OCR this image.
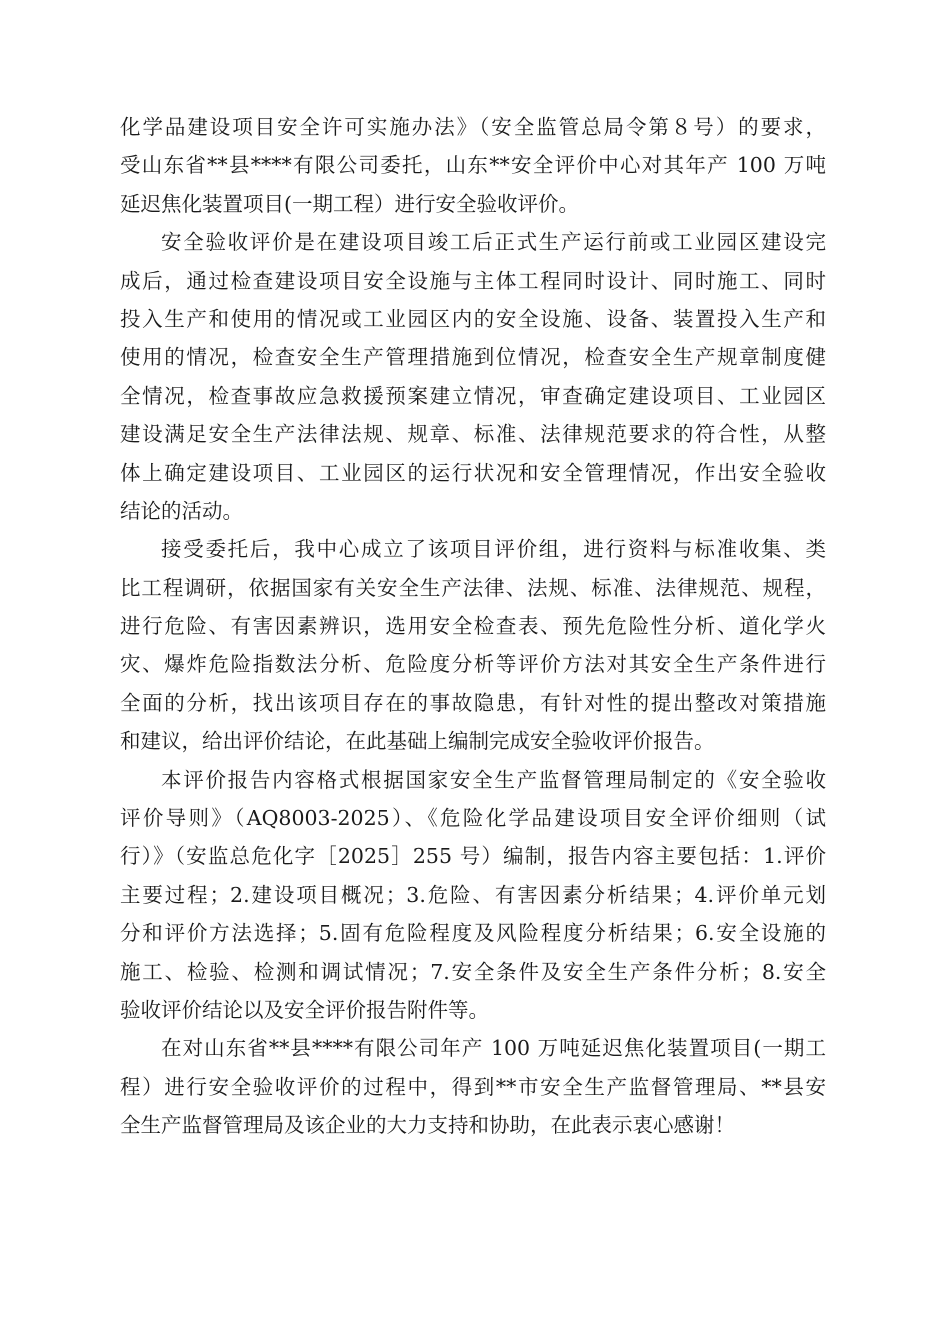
化学品建设项目安全许可实施办法》（安全监管总局令第８号）的要求，
受山东省**县****有限公司委托，山东**安全评价中心对其年产 100 万吨
延迟焦化装置项目(一期工程）进行安全验收评价。
安全验收评价是在建设项目竣工后正式生产运行前或工业园区建设完
成后，通过检查建设项目安全设施与主体工程同时设计、同时施工、同时
投入生产和使用的情况或工业园区内的安全设施、设备、装置投入生产和
使用的情况，检查安全生产管理措施到位情况，检查安全生产规章制度健
全情况，检查事故应急救援预案建立情况，审查确定建设项目、工业园区
建设满足安全生产法律法规、规章、标准、法律规范要求的符合性，从整
体上确定建设项目、工业园区的运行状况和安全管理情况，作出安全验收
结论的活动。
接受委托后，我中心成立了该项目评价组，进行资料与标准收集、类
比工程调研，依据国家有关安全生产法律、法规、标准、法律规范、规程，
进行危险、有害因素辨识，选用安全检查表、预先危险性分析、道化学火
灾、爆炸危险指数法分析、危险度分析等评价方法对其安全生产条件进行
全面的分析，找出该项目存在的事故隐患，有针对性的提出整改对策措施
和建议，给出评价结论，在此基础上编制完成安全验收评价报告。
本评价报告内容格式根据国家安全生产监督管理局制定的《安全验收
评价导则》（AQ8003-2025）、《危险化学品建设项目安全评价细则（试
行）》（安监总危化字［2025］255 号）编制，报告内容主要包括：1.评价
主要过程；2.建设项目概况；3.危险、有害因素分析结果；4.评价单元划
分和评价方法选择；5.固有危险程度及风险程度分析结果；6.安全设施的
施工、检验、检测和调试情况；7.安全条件及安全生产条件分析；8.安全
验收评价结论以及安全评价报告附件等。
在对山东省**县****有限公司年产 100 万吨延迟焦化装置项目(一期工
程）进行安全验收评价的过程中，得到**市安全生产监督管理局、**县安
全生产监督管理局及该企业的大力支持和协助，在此表示衷心感谢！
